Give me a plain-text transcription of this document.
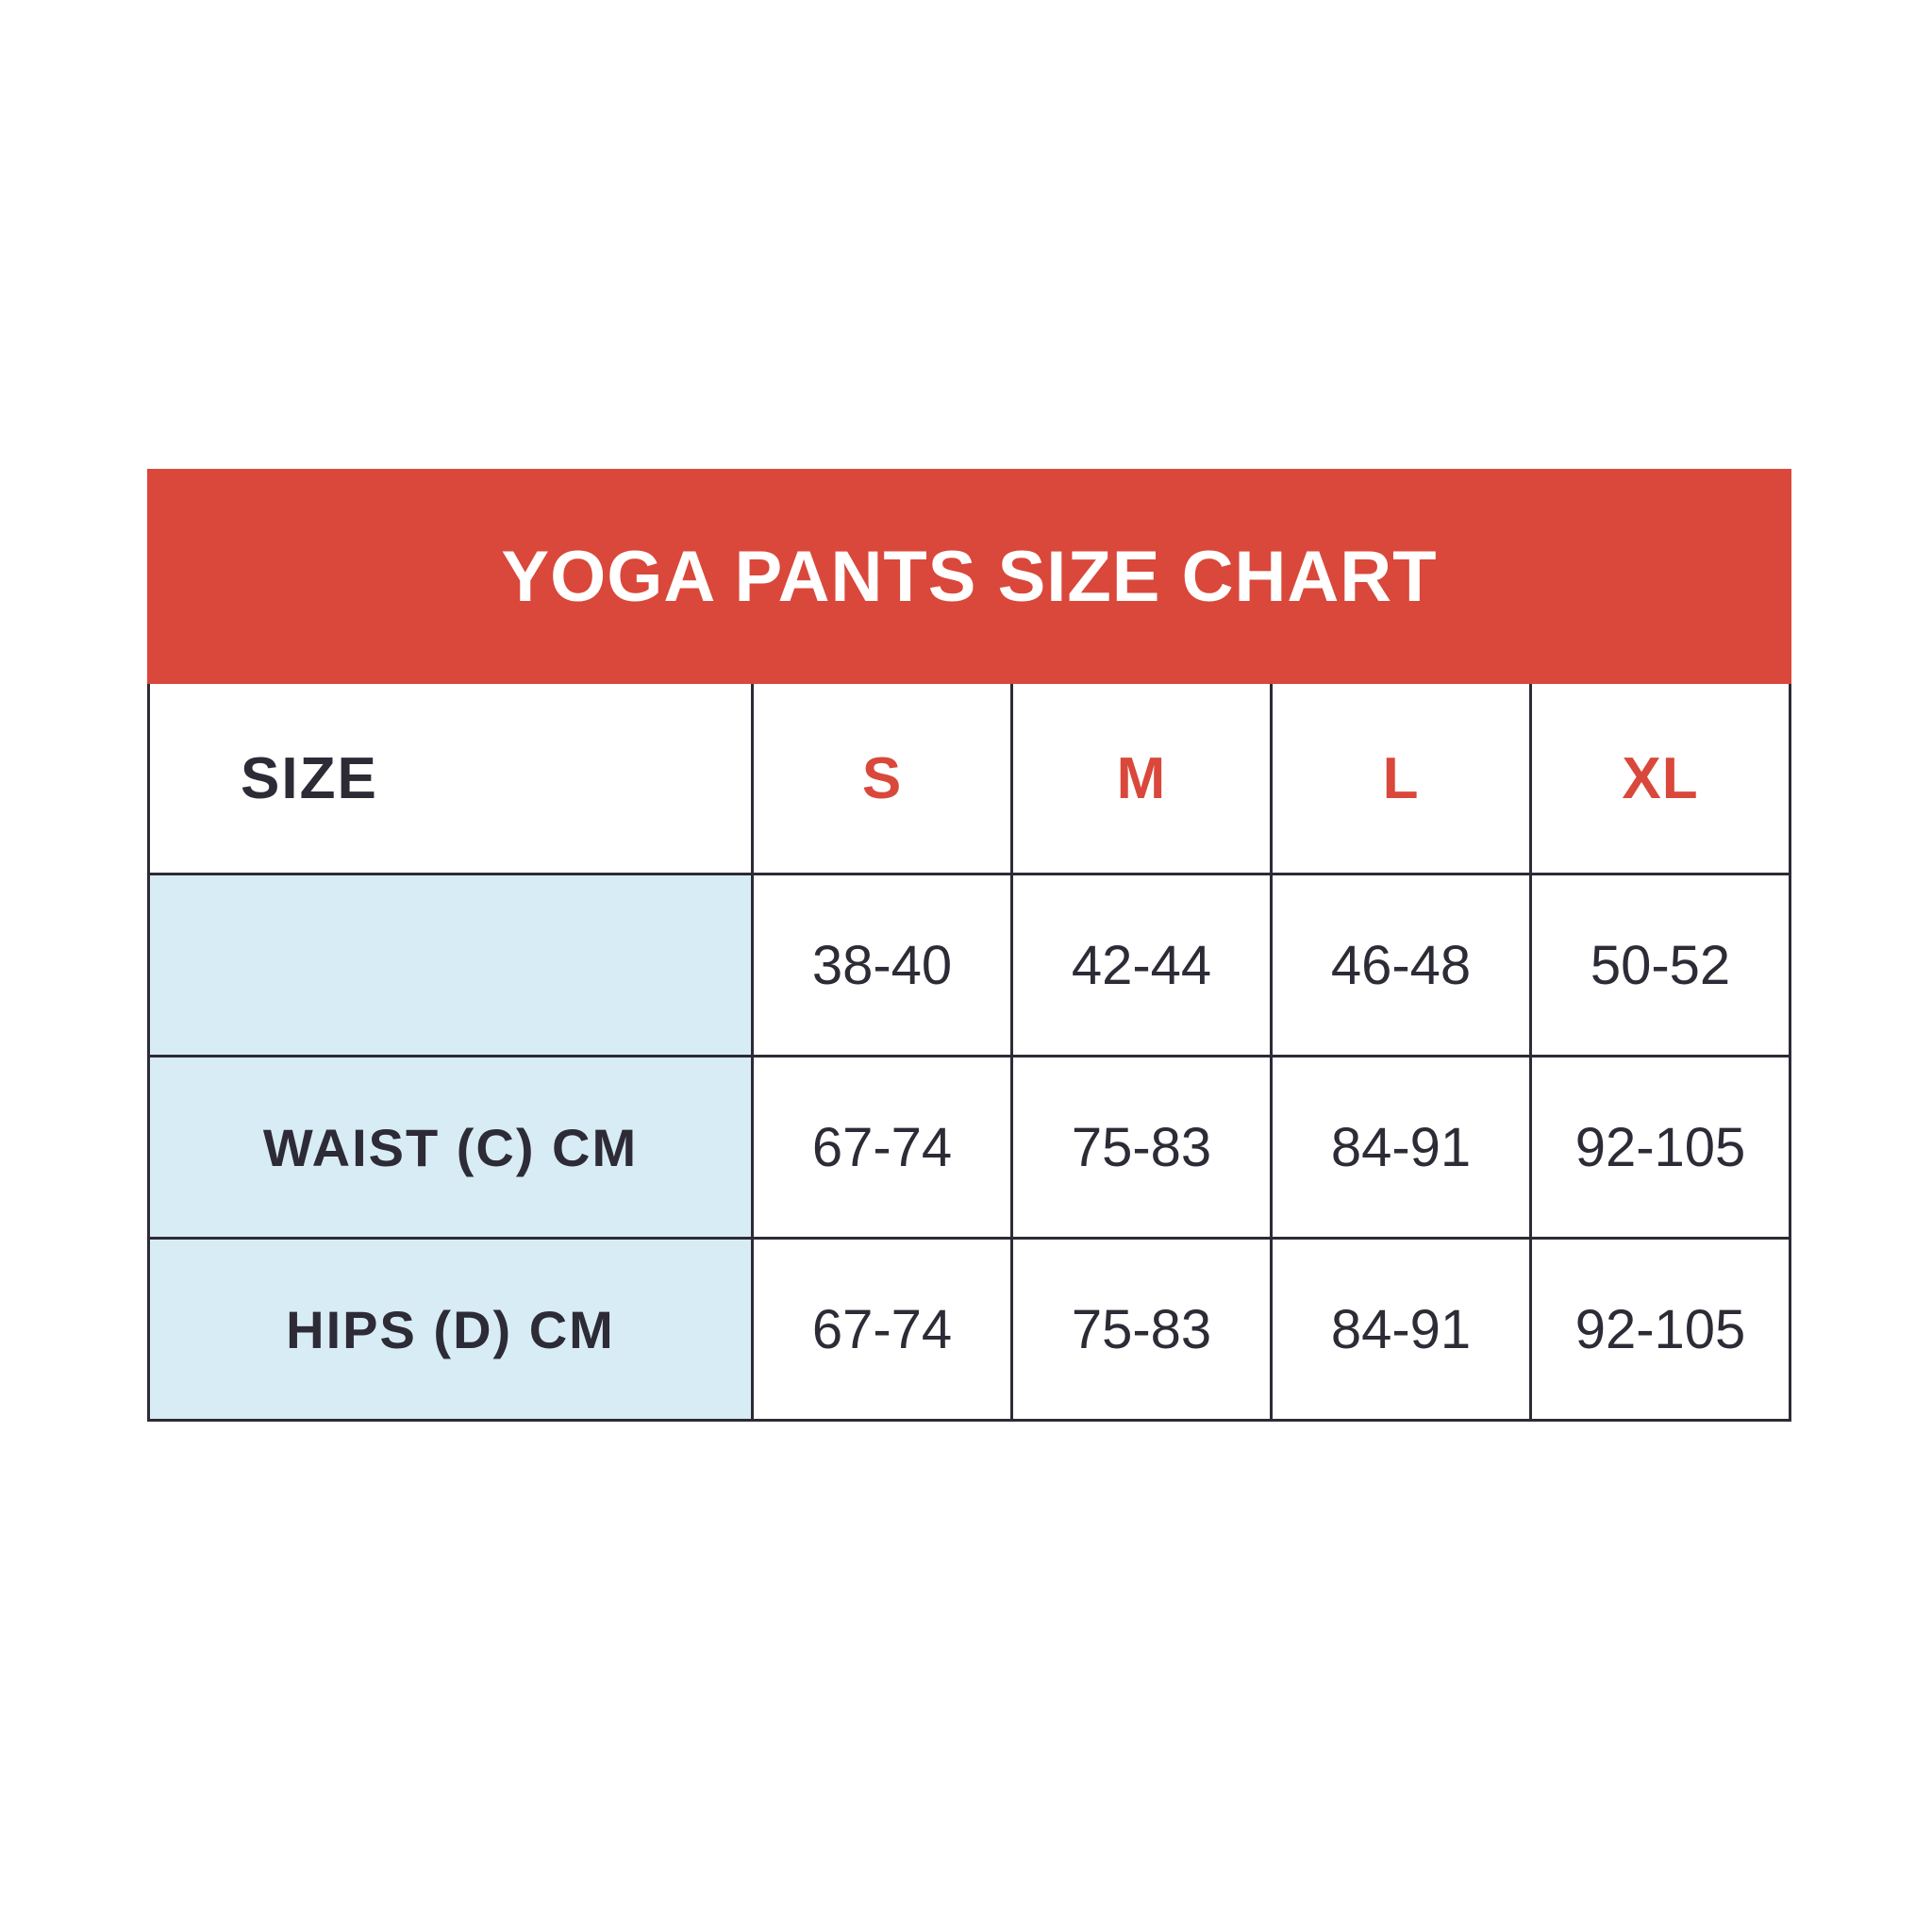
YOGA PANTS SIZE CHART				
SIZE	S	M	L	XL
	38-40	42-44	46-48	50-52
WAIST (C) CM	67-74	75-83	84-91	92-105
HIPS (D) CM	67-74	75-83	84-91	92-105
